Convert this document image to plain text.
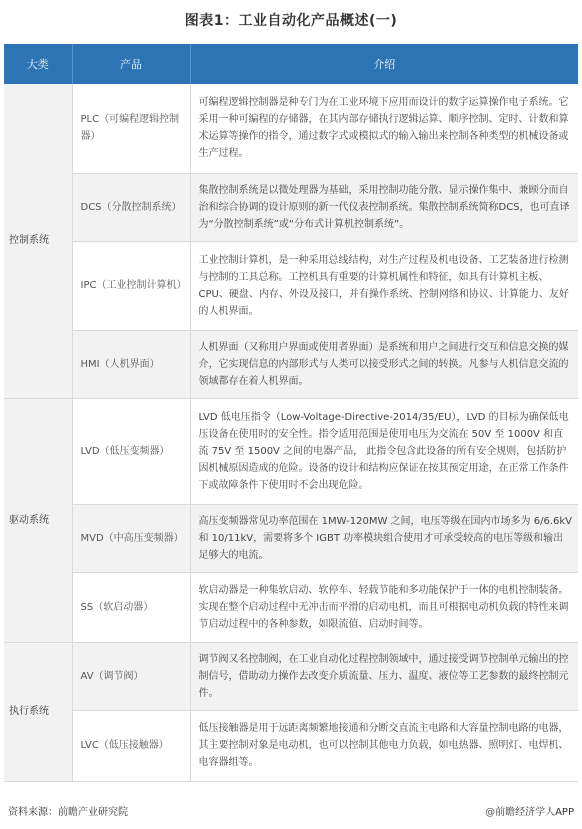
图表1：工业自动化产品概述(一)
大类	产品	介绍
控制系统	PLC（可编程逻辑控制器）	可编程逻辑控制器是种专门为在工业环境下应用而设计的数字运算操作电子系统。它采用一种可编程的存储器，在其内部存储执行逻辑运算、顺序控制、定时、计数和算术运算等操作的指令，通过数字式或模拟式的输入输出来控制各种类型的机械设备或生产过程。
	DCS（分散控制系统）	集散控制系统是以微处理器为基础，采用控制功能分散、显示操作集中、兼顾分而自治和综合协调的设计原则的新一代仪表控制系统。集散控制系统简称DCS，也可直译为“分散控制系统”或“分布式计算机控制系统”。
	IPC（工业控制计算机）	工业控制计算机，是一种采用总线结构，对生产过程及机电设备、工艺装备进行检测与控制的工具总称。工控机具有重要的计算机属性和特征，如具有计算机主板、CPU、硬盘、内存、外设及接口，并有操作系统、控制网络和协议、计算能力、友好的人机界面。
	HMI（人机界面）	人机界面（又称用户界面或使用者界面）是系统和用户之间进行交互和信息交换的媒介，它实现信息的内部形式与人类可以接受形式之间的转换。凡参与人机信息交流的领域都存在着人机界面。
驱动系统	LVD（低压变频器）	LVD 低电压指令（Low-Voltage-Directive-2014/35/EU），LVD 的目标为确保低电压设备在使用时的安全性。指令适用范围是使用电压为交流在 50V 至 1000V 和直流 75V 至 1500V 之间的电器产品， 此指令包含此设备的所有安全规则，包括防护因机械原因造成的危险。设备的设计和结构应保证在按其预定用途，在正常工作条件下或故障条件下使用时不会出现危险。
	MVD（中高压变频器）	高压变频器常见功率范围在 1MW-120MW 之间，电压等级在国内市场多为 6/6.6kV 和 10/11kV，需要将多个 IGBT 功率模块组合使用才可承受较高的电压等级和输出足够大的电流。
	SS（软启动器）	软启动器是一种集软启动、软停车、轻载节能和多功能保护于一体的电机控制装备。实现在整个启动过程中无冲击而平滑的启动电机，而且可根据电动机负载的特性来调节启动过程中的各种参数，如限流值、启动时间等。
执行系统	AV（调节阀）	调节阀又名控制阀，在工业自动化过程控制领域中，通过接受调节控制单元输出的控制信号，借助动力操作去改变介质流量、压力、温度、液位等工艺参数的最终控制元件。
	LVC（低压接触器）	低压接触器是用于远距离频繁地接通和分断交直流主电路和大容量控制电路的电器，其主要控制对象是电动机，也可以控制其他电力负载，如电热器、照明灯、电焊机、电容器组等。
资料来源：前瞻产业研究院	@前瞻经济学人APP
